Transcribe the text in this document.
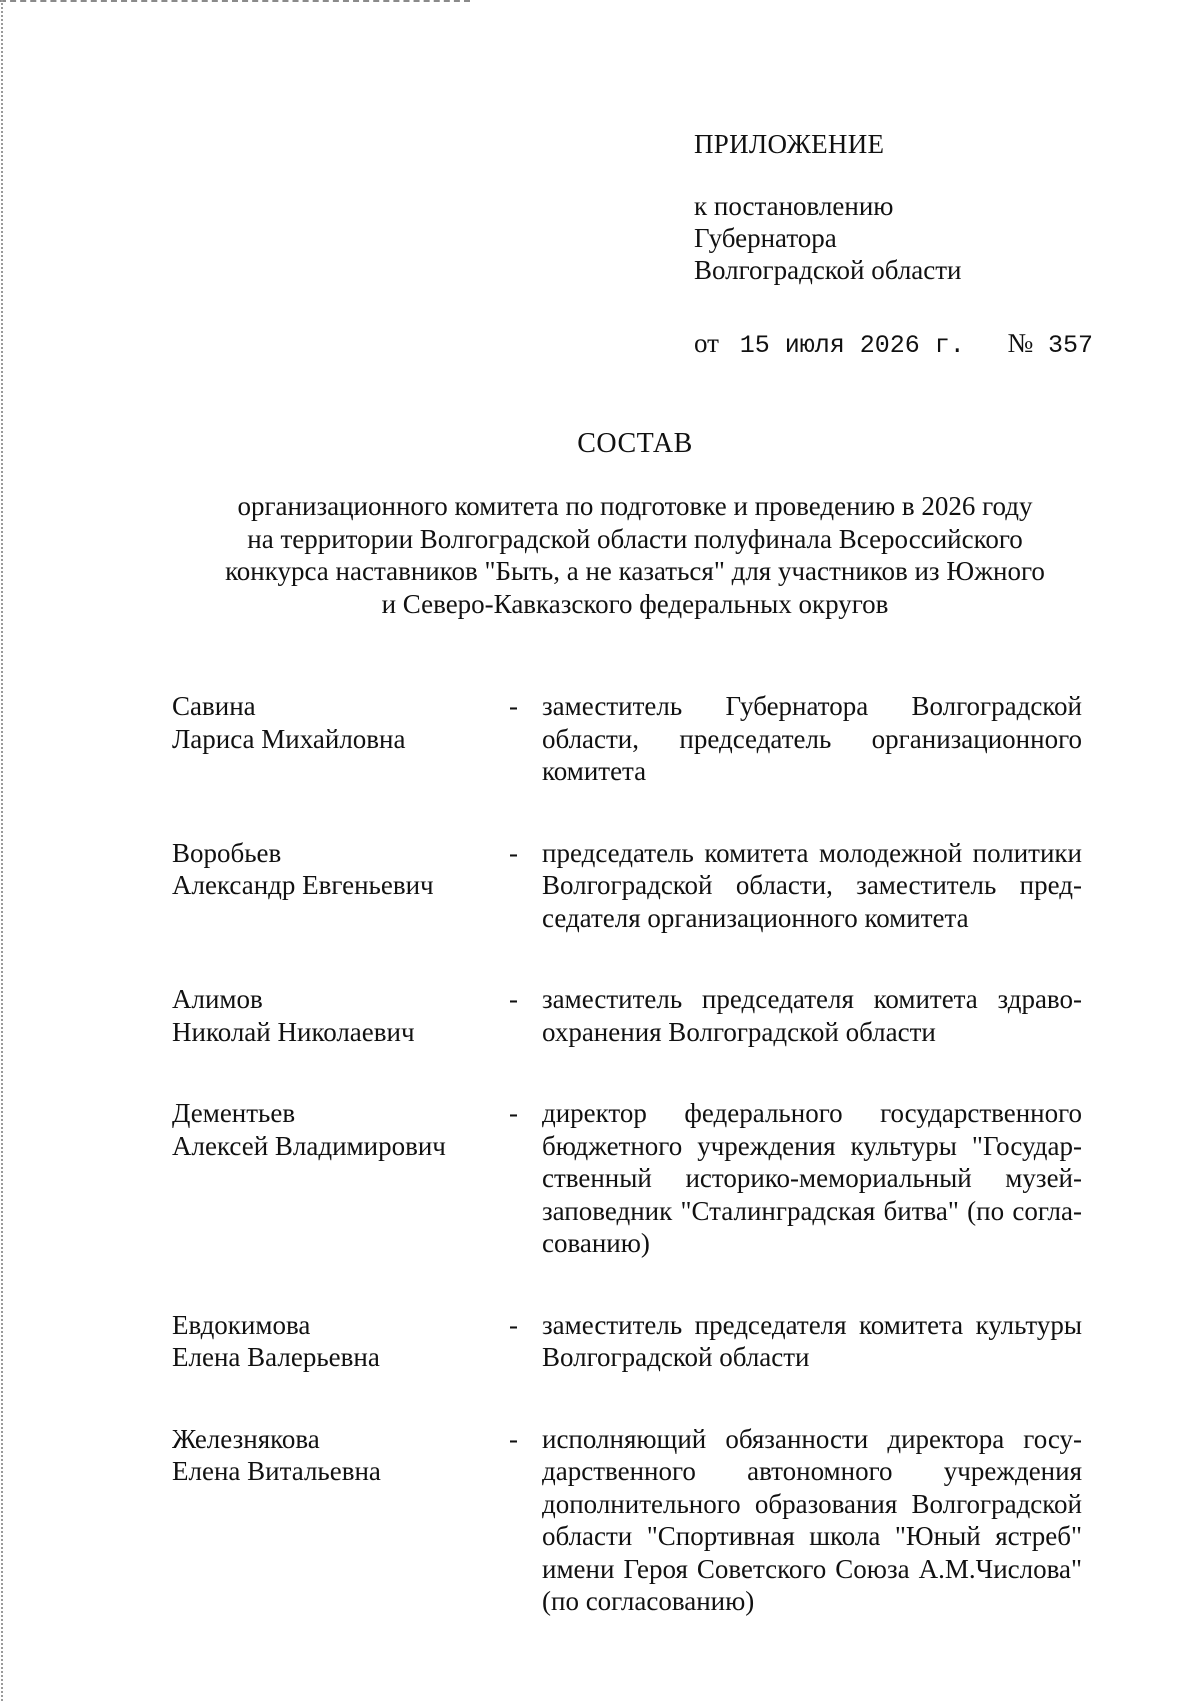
ПРИЛОЖЕНИЕ
к постановлению
Губернатора
Волгоградской области
от 15 июля 2026 г. № 357
СОСТАВ
организационного комитета по подготовке и проведению в 2026 году
на территории Волгоградской области полуфинала Всероссийского
конкурса наставников "Быть, а не казаться" для участников из Южного
и Северо-Кавказского федеральных округов
Савина
Лариса Михайловна
- заместитель Губернатора Волгоградской области, председатель организационного комитета
Воробьев
Александр Евгеньевич
- председатель комитета молодежной политики Волгоградской области, заместитель председателя организационного комитета
Алимов
Николай Николаевич
- заместитель председателя комитета здравоохранения Волгоградской области
Дементьев
Алексей Владимирович
- директор федерального государственного бюджетного учреждения культуры "Государственный историко-мемориальный музей-заповедник "Сталинградская битва" (по согласованию)
Евдокимова
Елена Валерьевна
- заместитель председателя комитета культуры Волгоградской области
Железнякова
Елена Витальевна
- исполняющий обязанности директора государственного автономного учреждения дополнительного образования Волгоградской области "Спортивная школа "Юный ястреб" имени Героя Советского Союза А.М.Числова" (по согласованию)
